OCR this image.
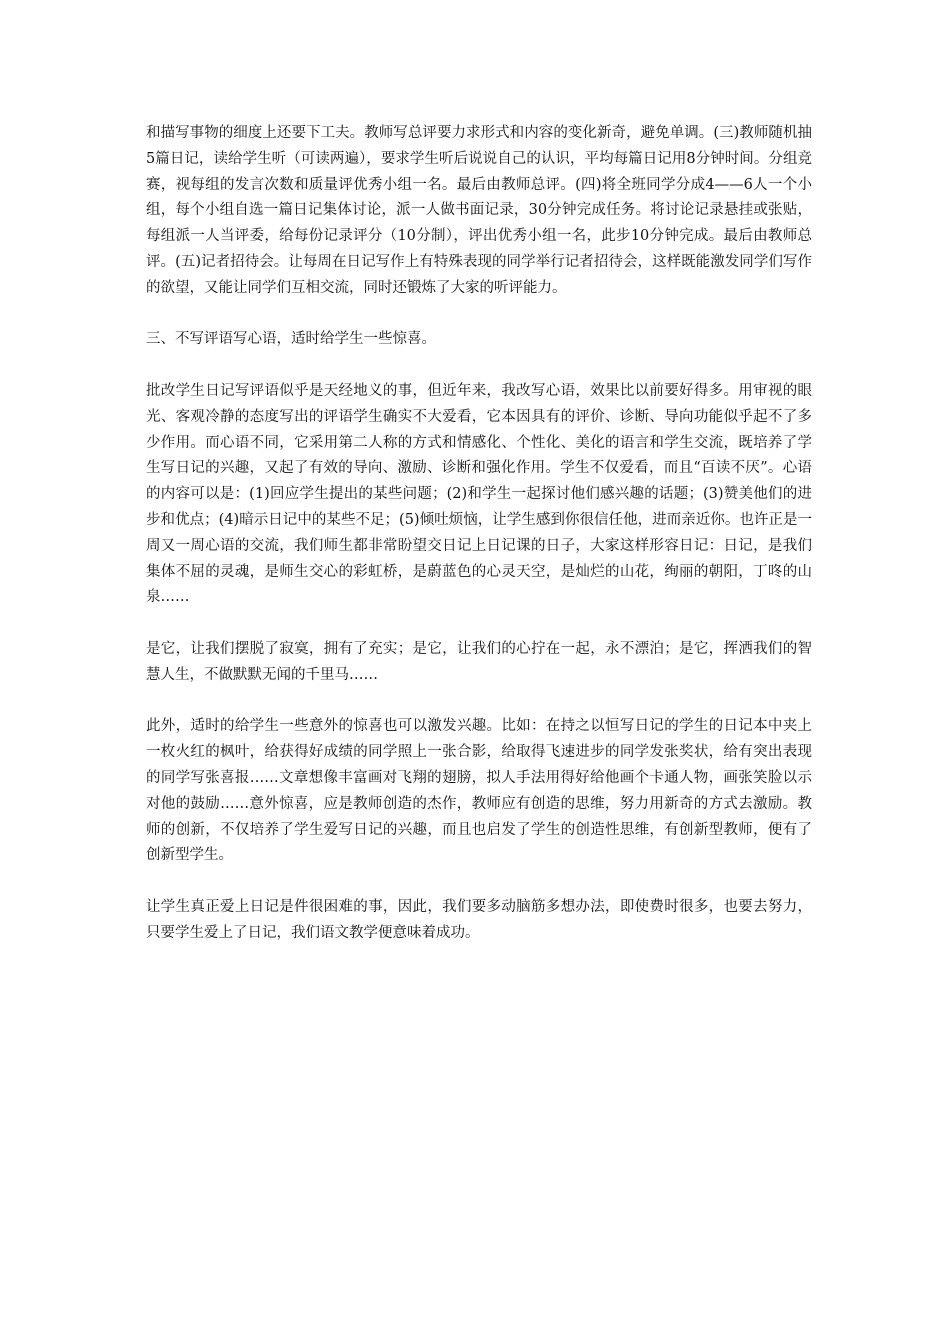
和描写事物的细度上还要下工夫。教师写总评要力求形式和内容的变化新奇，避免单调。(三)教师随机抽5篇日记，读给学生听（可读两遍），要求学生听后说说自己的认识，平均每篇日记用8分钟时间。分组竞赛，视每组的发言次数和质量评优秀小组一名。最后由教师总评。(四)将全班同学分成4——6人一个小组，每个小组自选一篇日记集体讨论，派一人做书面记录，30分钟完成任务。将讨论记录悬挂或张贴，每组派一人当评委，给每份记录评分（10分制），评出优秀小组一名，此步10分钟完成。最后由教师总评。(五)记者招待会。让每周在日记写作上有特殊表现的同学举行记者招待会，这样既能激发同学们写作的欲望，又能让同学们互相交流，同时还锻炼了大家的听评能力。

三、不写评语写心语，适时给学生一些惊喜。

批改学生日记写评语似乎是天经地义的事，但近年来，我改写心语，效果比以前要好得多。用审视的眼光、客观冷静的态度写出的评语学生确实不大爱看，它本因具有的评价、诊断、导向功能似乎起不了多少作用。而心语不同，它采用第二人称的方式和情感化、个性化、美化的语言和学生交流，既培养了学生写日记的兴趣，又起了有效的导向、激励、诊断和强化作用。学生不仅爱看，而且“百读不厌”。心语的内容可以是：(1)回应学生提出的某些问题；(2)和学生一起探讨他们感兴趣的话题；(3)赞美他们的进步和优点；(4)暗示日记中的某些不足；(5)倾吐烦恼，让学生感到你很信任他，进而亲近你。也许正是一周又一周心语的交流，我们师生都非常盼望交日记上日记课的日子，大家这样形容日记：日记，是我们集体不屈的灵魂，是师生交心的彩虹桥，是蔚蓝色的心灵天空，是灿烂的山花，绚丽的朝阳，丁咚的山泉……

是它，让我们摆脱了寂寞，拥有了充实；是它，让我们的心拧在一起，永不漂泊；是它，挥洒我们的智慧人生，不做默默无闻的千里马……

此外，适时的给学生一些意外的惊喜也可以激发兴趣。比如：在持之以恒写日记的学生的日记本中夹上一枚火红的枫叶，给获得好成绩的同学照上一张合影，给取得飞速进步的同学发张奖状，给有突出表现的同学写张喜报……文章想像丰富画对飞翔的翅膀，拟人手法用得好给他画个卡通人物，画张笑脸以示对他的鼓励……意外惊喜，应是教师创造的杰作，教师应有创造的思维，努力用新奇的方式去激励。教师的创新，不仅培养了学生爱写日记的兴趣，而且也启发了学生的创造性思维，有创新型教师，便有了创新型学生。

让学生真正爱上日记是件很困难的事，因此，我们要多动脑筋多想办法，即使费时很多，也要去努力，只要学生爱上了日记，我们语文教学便意味着成功。
